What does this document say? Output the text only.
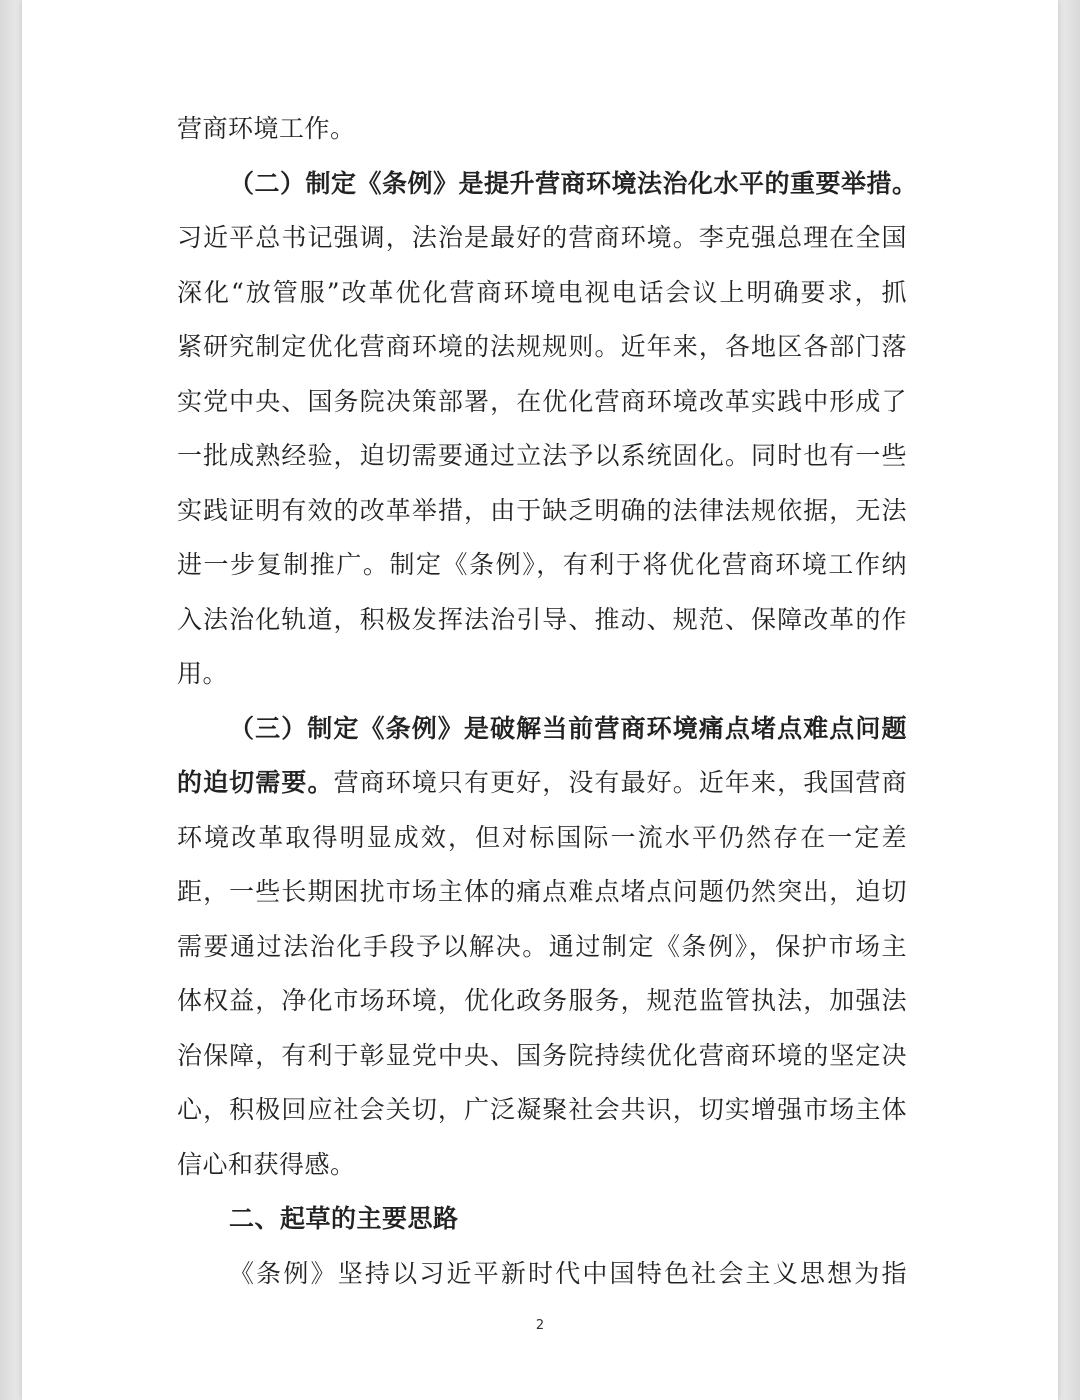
营商环境工作。
（二）制定《条例》是提升营商环境法治化水平的重要举措。
习近平总书记强调，法治是最好的营商环境。李克强总理在全国
深化“放管服”改革优化营商环境电视电话会议上明确要求，抓
紧研究制定优化营商环境的法规规则。近年来，各地区各部门落
实党中央、国务院决策部署，在优化营商环境改革实践中形成了
一批成熟经验，迫切需要通过立法予以系统固化。同时也有一些
实践证明有效的改革举措，由于缺乏明确的法律法规依据，无法
进一步复制推广。制定《条例》，有利于将优化营商环境工作纳
入法治化轨道，积极发挥法治引导、推动、规范、保障改革的作
用。
（三）制定《条例》是破解当前营商环境痛点堵点难点问题
的迫切需要。营商环境只有更好，没有最好。近年来，我国营商
环境改革取得明显成效，但对标国际一流水平仍然存在一定差
距，一些长期困扰市场主体的痛点难点堵点问题仍然突出，迫切
需要通过法治化手段予以解决。通过制定《条例》，保护市场主
体权益，净化市场环境，优化政务服务，规范监管执法，加强法
治保障，有利于彰显党中央、国务院持续优化营商环境的坚定决
心，积极回应社会关切，广泛凝聚社会共识，切实增强市场主体
信心和获得感。
二、起草的主要思路
《条例》坚持以习近平新时代中国特色社会主义思想为指
2
